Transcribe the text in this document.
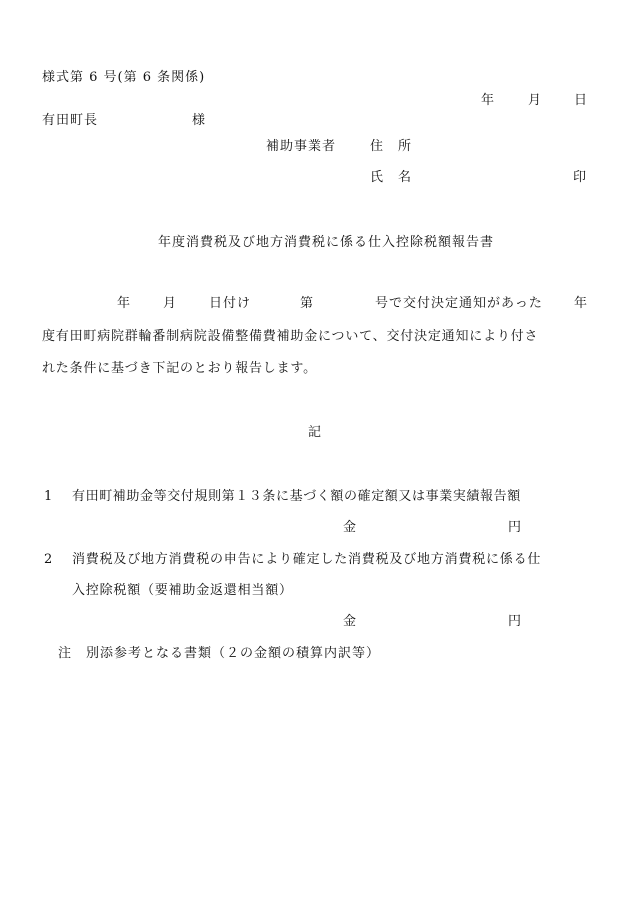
様式第 6 号(第 6 条関係)
年	月 日
有田町長	様
補助事業者	住　所
氏　名	印
年度消費税及び地方消費税に係る仕入控除税額報告書
年 月 日付け	第	号で交付決定通知があった 年
度有田町病院群輪番制病院設備整備費補助金について、交付決定通知により付さ
れた条件に基づき下記のとおり報告します。
記
1 有田町補助金等交付規則第１３条に基づく額の確定額又は事業実績報告額
金	円
2 消費税及び地方消費税の申告により確定した消費税及び地方消費税に係る仕
入控除税額（要補助金返還相当額）
金	円
注　別添参考となる書類（２の金額の積算内訳等）
